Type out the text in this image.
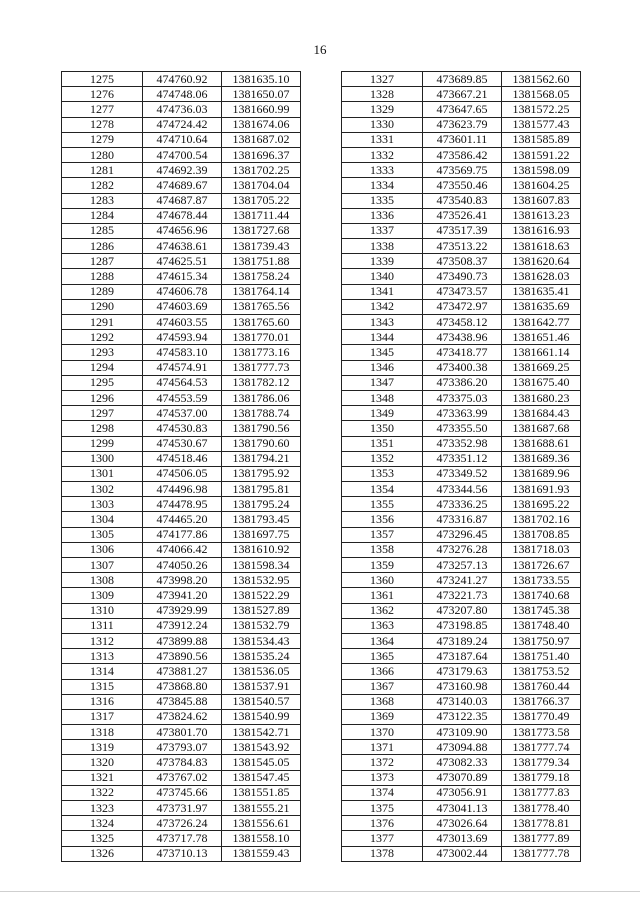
16
1275	474760.92	1381635.10
1276	474748.06	1381650.07
1277	474736.03	1381660.99
1278	474724.42	1381674.06
1279	474710.64	1381687.02
1280	474700.54	1381696.37
1281	474692.39	1381702.25
1282	474689.67	1381704.04
1283	474687.87	1381705.22
1284	474678.44	1381711.44
1285	474656.96	1381727.68
1286	474638.61	1381739.43
1287	474625.51	1381751.88
1288	474615.34	1381758.24
1289	474606.78	1381764.14
1290	474603.69	1381765.56
1291	474603.55	1381765.60
1292	474593.94	1381770.01
1293	474583.10	1381773.16
1294	474574.91	1381777.73
1295	474564.53	1381782.12
1296	474553.59	1381786.06
1297	474537.00	1381788.74
1298	474530.83	1381790.56
1299	474530.67	1381790.60
1300	474518.46	1381794.21
1301	474506.05	1381795.92
1302	474496.98	1381795.81
1303	474478.95	1381795.24
1304	474465.20	1381793.45
1305	474177.86	1381697.75
1306	474066.42	1381610.92
1307	474050.26	1381598.34
1308	473998.20	1381532.95
1309	473941.20	1381522.29
1310	473929.99	1381527.89
1311	473912.24	1381532.79
1312	473899.88	1381534.43
1313	473890.56	1381535.24
1314	473881.27	1381536.05
1315	473868.80	1381537.91
1316	473845.88	1381540.57
1317	473824.62	1381540.99
1318	473801.70	1381542.71
1319	473793.07	1381543.92
1320	473784.83	1381545.05
1321	473767.02	1381547.45
1322	473745.66	1381551.85
1323	473731.97	1381555.21
1324	473726.24	1381556.61
1325	473717.78	1381558.10
1326	473710.13	1381559.43
1327	473689.85	1381562.60
1328	473667.21	1381568.05
1329	473647.65	1381572.25
1330	473623.79	1381577.43
1331	473601.11	1381585.89
1332	473586.42	1381591.22
1333	473569.75	1381598.09
1334	473550.46	1381604.25
1335	473540.83	1381607.83
1336	473526.41	1381613.23
1337	473517.39	1381616.93
1338	473513.22	1381618.63
1339	473508.37	1381620.64
1340	473490.73	1381628.03
1341	473473.57	1381635.41
1342	473472.97	1381635.69
1343	473458.12	1381642.77
1344	473438.96	1381651.46
1345	473418.77	1381661.14
1346	473400.38	1381669.25
1347	473386.20	1381675.40
1348	473375.03	1381680.23
1349	473363.99	1381684.43
1350	473355.50	1381687.68
1351	473352.98	1381688.61
1352	473351.12	1381689.36
1353	473349.52	1381689.96
1354	473344.56	1381691.93
1355	473336.25	1381695.22
1356	473316.87	1381702.16
1357	473296.45	1381708.85
1358	473276.28	1381718.03
1359	473257.13	1381726.67
1360	473241.27	1381733.55
1361	473221.73	1381740.68
1362	473207.80	1381745.38
1363	473198.85	1381748.40
1364	473189.24	1381750.97
1365	473187.64	1381751.40
1366	473179.63	1381753.52
1367	473160.98	1381760.44
1368	473140.03	1381766.37
1369	473122.35	1381770.49
1370	473109.90	1381773.58
1371	473094.88	1381777.74
1372	473082.33	1381779.34
1373	473070.89	1381779.18
1374	473056.91	1381777.83
1375	473041.13	1381778.40
1376	473026.64	1381778.81
1377	473013.69	1381777.89
1378	473002.44	1381777.78
